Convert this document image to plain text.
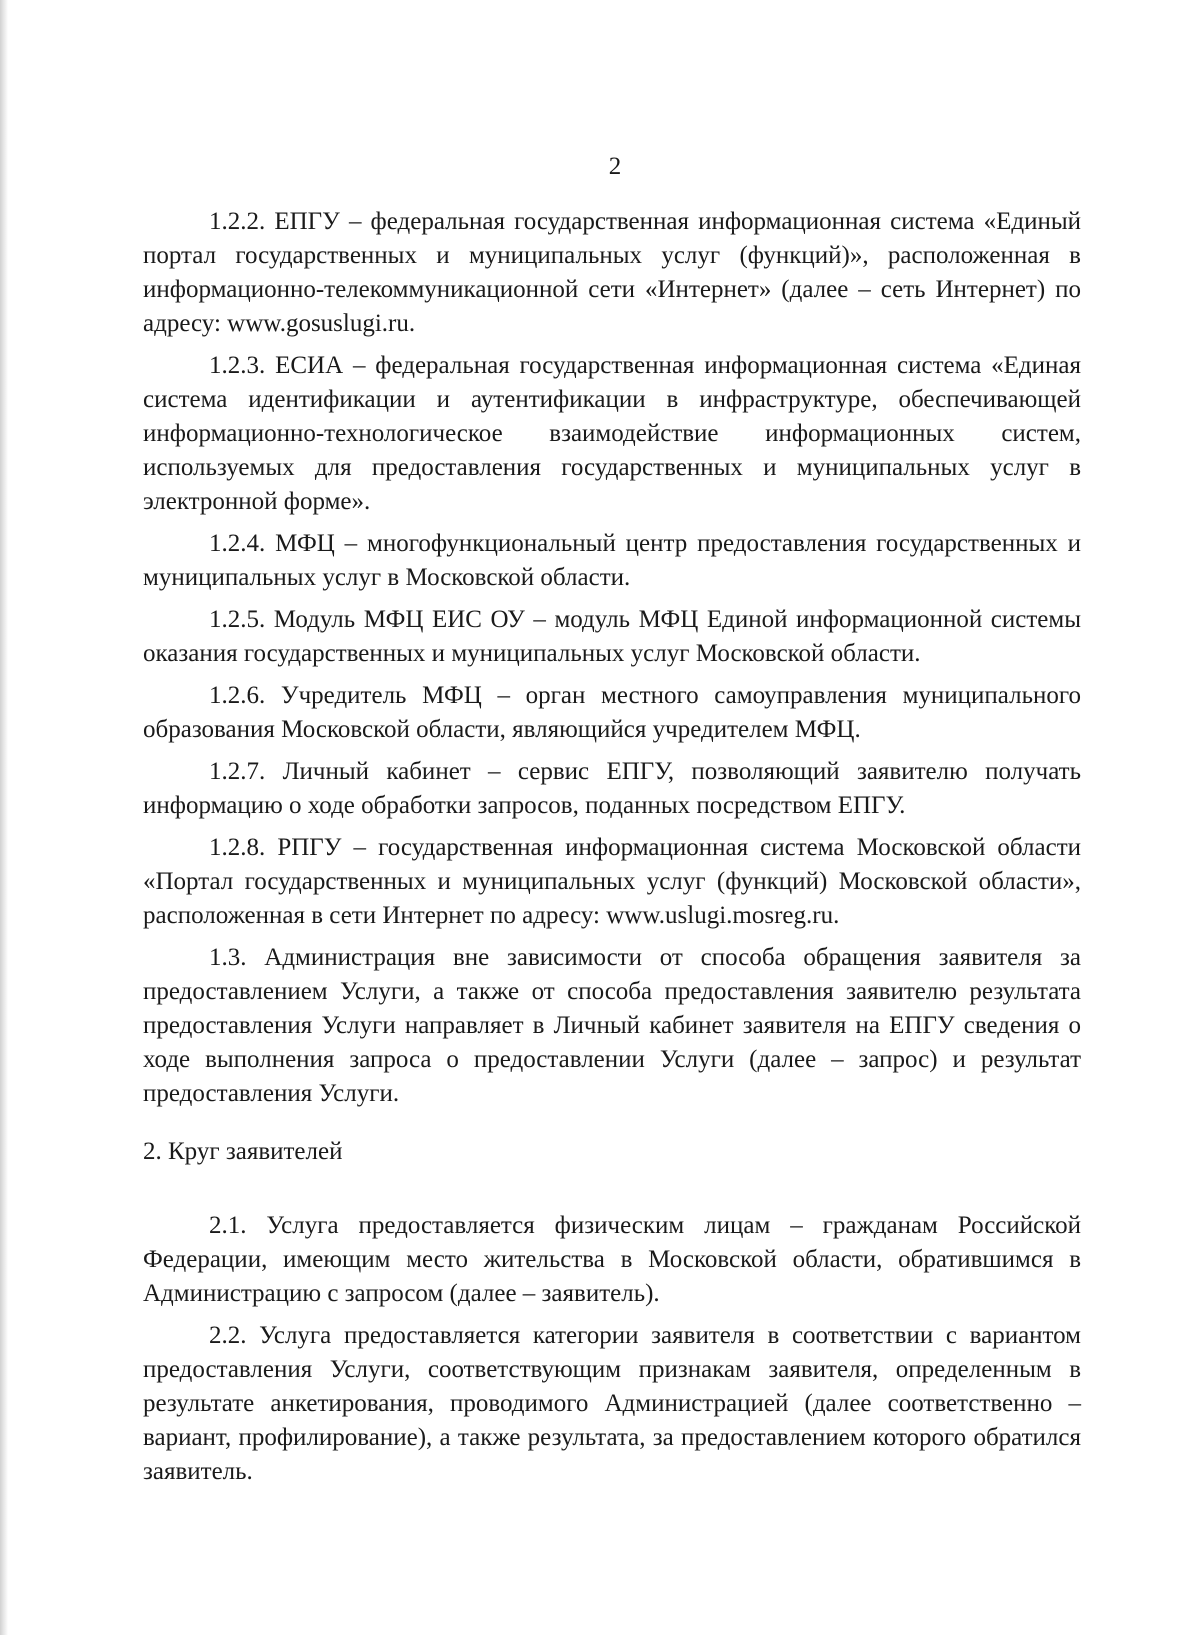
2

1.2.2. ЕПГУ – федеральная государственная информационная система «Единый портал государственных и муниципальных услуг (функций)», расположенная в информационно-телекоммуникационной сети «Интернет» (далее – сеть Интернет) по адресу: www.gosuslugi.ru.

1.2.3. ЕСИА – федеральная государственная информационная система «Единая система идентификации и аутентификации в инфраструктуре, обеспечивающей информационно-технологическое взаимодействие информационных систем, используемых для предоставления государственных и муниципальных услуг в электронной форме».

1.2.4. МФЦ – многофункциональный центр предоставления государственных и муниципальных услуг в Московской области.

1.2.5. Модуль МФЦ ЕИС ОУ – модуль МФЦ Единой информационной системы оказания государственных и муниципальных услуг Московской области.

1.2.6. Учредитель МФЦ – орган местного самоуправления муниципального образования Московской области, являющийся учредителем МФЦ.

1.2.7. Личный кабинет – сервис ЕПГУ, позволяющий заявителю получать информацию о ходе обработки запросов, поданных посредством ЕПГУ.

1.2.8. РПГУ – государственная информационная система Московской области «Портал государственных и муниципальных услуг (функций) Московской области», расположенная в сети Интернет по адресу: www.uslugi.mosreg.ru.

1.3. Администрация вне зависимости от способа обращения заявителя за предоставлением Услуги, а также от способа предоставления заявителю результата предоставления Услуги направляет в Личный кабинет заявителя на ЕПГУ сведения о ходе выполнения запроса о предоставлении Услуги (далее – запрос) и результат предоставления Услуги.

2. Круг заявителей

2.1. Услуга предоставляется физическим лицам – гражданам Российской Федерации, имеющим место жительства в Московской области, обратившимся в Администрацию с запросом (далее – заявитель).

2.2. Услуга предоставляется категории заявителя в соответствии с вариантом предоставления Услуги, соответствующим признакам заявителя, определенным в результате анкетирования, проводимого Администрацией (далее соответственно – вариант, профилирование), а также результата, за предоставлением которого обратился заявитель.
